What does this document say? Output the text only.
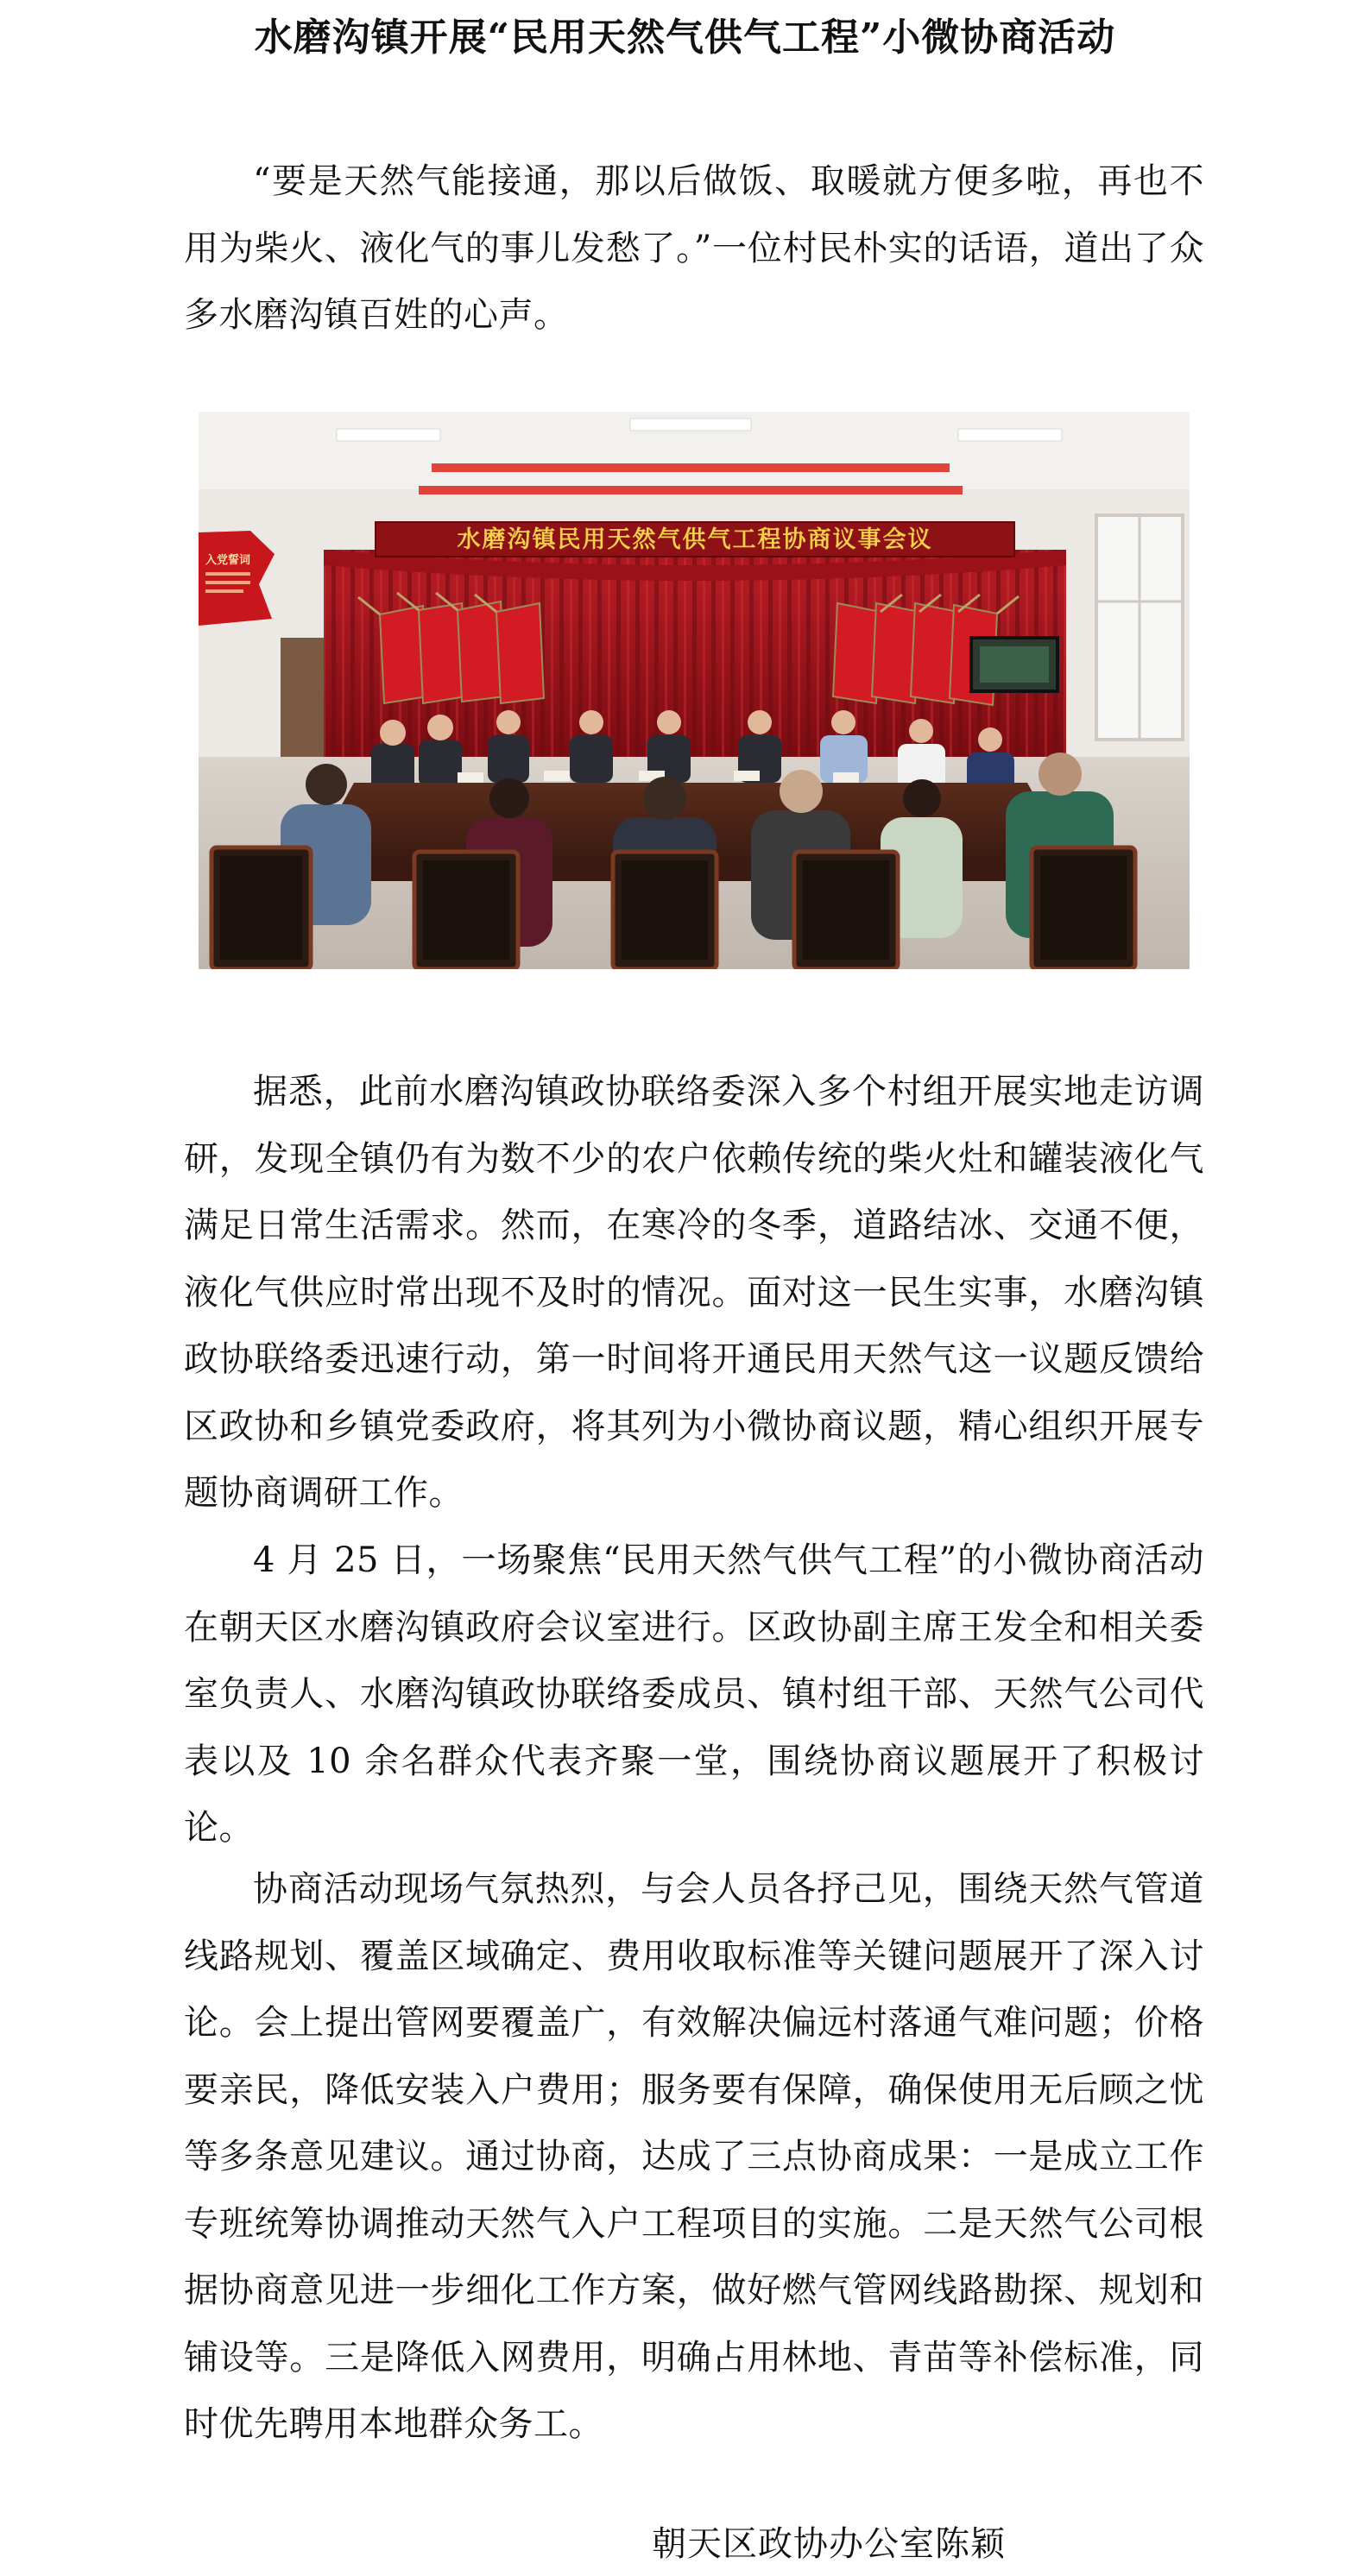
水磨沟镇开展“民用天然气供气工程”小微协商活动

“要是天然气能接通，那以后做饭、取暖就方便多啦，再也不用为柴火、液化气的事儿发愁了。”一位村民朴实的话语，道出了众多水磨沟镇百姓的心声。

入党誓词
水磨沟镇民用天然气供气工程协商议事会议

据悉，此前水磨沟镇政协联络委深入多个村组开展实地走访调研，发现全镇仍有为数不少的农户依赖传统的柴火灶和罐装液化气满足日常生活需求。然而，在寒冷的冬季，道路结冰、交通不便，液化气供应时常出现不及时的情况。面对这一民生实事，水磨沟镇政协联络委迅速行动，第一时间将开通民用天然气这一议题反馈给区政协和乡镇党委政府，将其列为小微协商议题，精心组织开展专题协商调研工作。

4 月 25 日，一场聚焦“民用天然气供气工程”的小微协商活动在朝天区水磨沟镇政府会议室进行。区政协副主席王发全和相关委室负责人、水磨沟镇政协联络委成员、镇村组干部、天然气公司代表以及 10 余名群众代表齐聚一堂，围绕协商议题展开了积极讨论。

协商活动现场气氛热烈，与会人员各抒己见，围绕天然气管道线路规划、覆盖区域确定、费用收取标准等关键问题展开了深入讨论。会上提出管网要覆盖广，有效解决偏远村落通气难问题；价格要亲民，降低安装入户费用；服务要有保障，确保使用无后顾之忧等多条意见建议。通过协商，达成了三点协商成果：一是成立工作专班统筹协调推动天然气入户工程项目的实施。二是天然气公司根据协商意见进一步细化工作方案，做好燃气管网线路勘探、规划和铺设等。三是降低入网费用，明确占用林地、青苗等补偿标准，同时优先聘用本地群众务工。

朝天区政协办公室陈颖
